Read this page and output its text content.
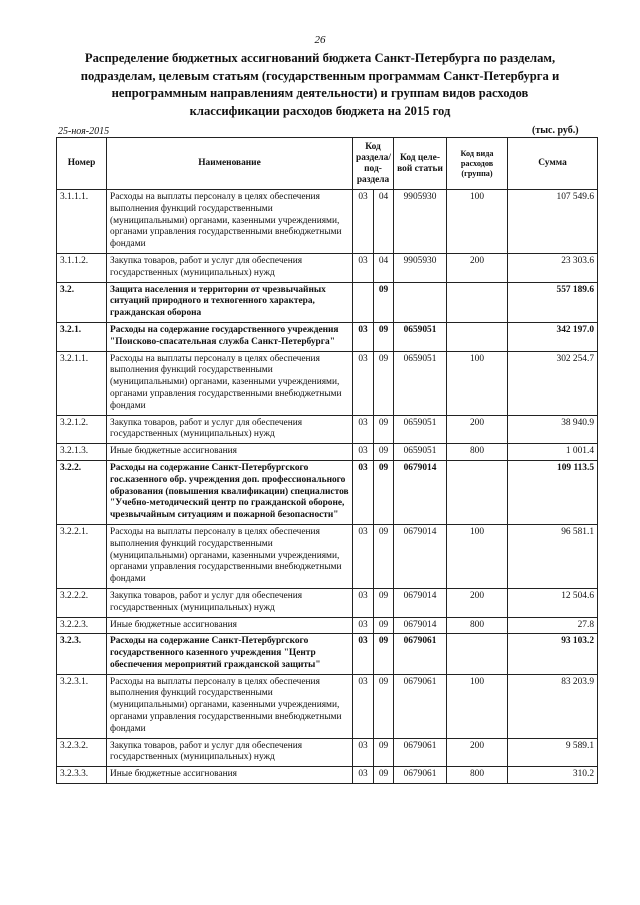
26
Распределение бюджетных ассигнований бюджета Санкт-Петербурга по разделам, подразделам, целевым статьям (государственным программам Санкт-Петербурга и непрограммным направлениям деятельности) и группам видов расходов классификации расходов бюджета на 2015 год
25-ноя-2015	(тыс. руб.)
Номер	Наименование	Код раздела/ под-раздела		Код целе-вой статьи	Код вида расходов (группа)	Сумма
3.1.1.1.	Расходы на выплаты персоналу в целях обеспечения выполнения функций государственными (муниципальными) органами, казенными учреждениями, органами управления государственными внебюджетными фондами	03	04	9905930	100	107 549.6
3.1.1.2.	Закупка товаров, работ и услуг для обеспечения государственных (муниципальных) нужд	03	04	9905930	200	23 303.6
3.2.	Защита населения и территории от чрезвычайных ситуаций природного и техногенного характера, гражданская оборона		09			557 189.6
3.2.1.	Расходы на содержание государственного учреждения "Поисково-спасательная служба Санкт-Петербурга"	03	09	0659051		342 197.0
3.2.1.1.	Расходы на выплаты персоналу в целях обеспечения выполнения функций государственными (муниципальными) органами, казенными учреждениями, органами управления государственными внебюджетными фондами	03	09	0659051	100	302 254.7
3.2.1.2.	Закупка товаров, работ и услуг для обеспечения государственных (муниципальных) нужд	03	09	0659051	200	38 940.9
3.2.1.3.	Иные бюджетные ассигнования	03	09	0659051	800	1 001.4
3.2.2.	Расходы на содержание Санкт-Петербургского гос.казенного обр. учреждения доп. профессионального образования (повышения квалификации) специалистов "Учебно-методический центр по гражданской обороне, чрезвычайным ситуациям и пожарной безопасности"	03	09	0679014		109 113.5
3.2.2.1.	Расходы на выплаты персоналу в целях обеспечения выполнения функций государственными (муниципальными) органами, казенными учреждениями, органами управления государственными внебюджетными фондами	03	09	0679014	100	96 581.1
3.2.2.2.	Закупка товаров, работ и услуг для обеспечения государственных (муниципальных) нужд	03	09	0679014	200	12 504.6
3.2.2.3.	Иные бюджетные ассигнования	03	09	0679014	800	27.8
3.2.3.	Расходы на содержание Санкт-Петербургского государственного казенного учреждения "Центр обеспечения мероприятий гражданской защиты"	03	09	0679061		93 103.2
3.2.3.1.	Расходы на выплаты персоналу в целях обеспечения выполнения функций государственными (муниципальными) органами, казенными учреждениями, органами управления государственными внебюджетными фондами	03	09	0679061	100	83 203.9
3.2.3.2.	Закупка товаров, работ и услуг для обеспечения государственных (муниципальных) нужд	03	09	0679061	200	9 589.1
3.2.3.3.	Иные бюджетные ассигнования	03	09	0679061	800	310.2
